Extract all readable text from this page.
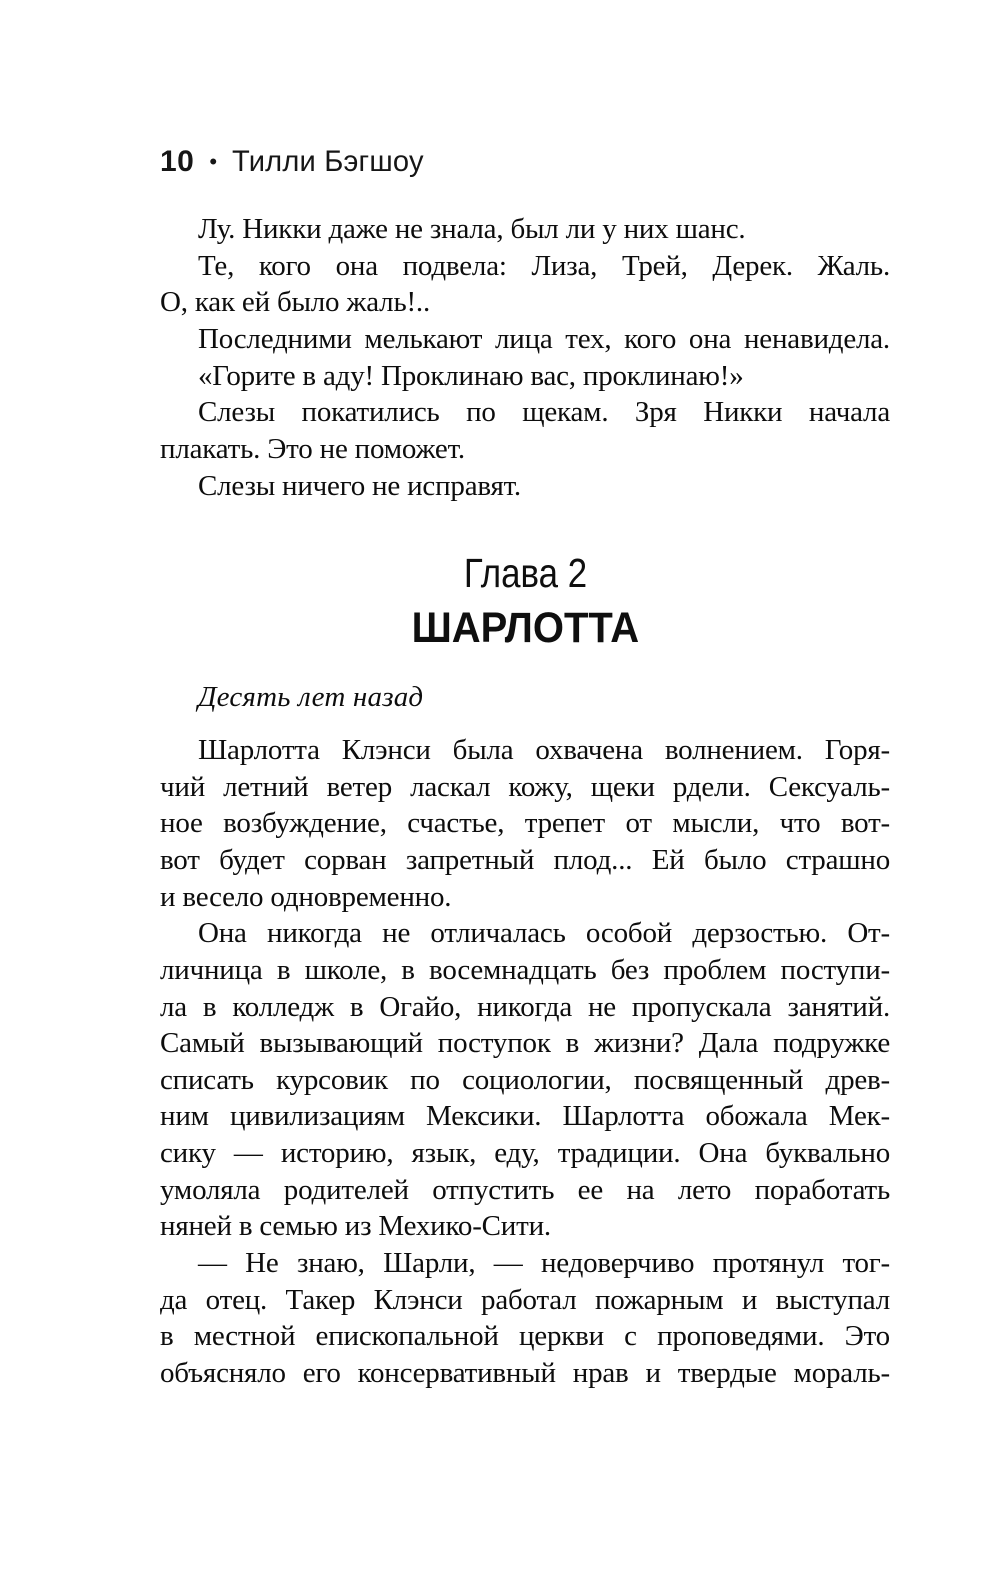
10 • Тилли Бэгшоу
Лу. Никки даже не знала, был ли у них шанс.
Те, кого она подвела: Лиза, Трей, Дерек. Жаль.
О, как ей было жаль!..
Последними мелькают лица тех, кого она ненавидела.
«Горите в аду! Проклинаю вас, проклинаю!»
Слезы покатились по щекам. Зря Никки начала
плакать. Это не поможет.
Слезы ничего не исправят.
Глава 2
ШАРЛОТТА
Десять лет назад
Шарлотта Клэнси была охвачена волнением. Горя-
чий летний ветер ласкал кожу, щеки рдели. Сексуаль-
ное возбуждение, счастье, трепет от мысли, что вот-
вот будет сорван запретный плод... Ей было страшно
и весело одновременно.
Она никогда не отличалась особой дерзостью. От-
личница в школе, в восемнадцать без проблем поступи-
ла в колледж в Огайо, никогда не пропускала занятий.
Самый вызывающий поступок в жизни? Дала подружке
списать курсовик по социологии, посвященный древ-
ним цивилизациям Мексики. Шарлотта обожала Мек-
сику — историю, язык, еду, традиции. Она буквально
умоляла родителей отпустить ее на лето поработать
няней в семью из Мехико-Сити.
— Не знаю, Шарли, — недоверчиво протянул тог-
да отец. Такер Клэнси работал пожарным и выступал
в местной епископальной церкви с проповедями. Это
объясняло его консервативный нрав и твердые мораль-
